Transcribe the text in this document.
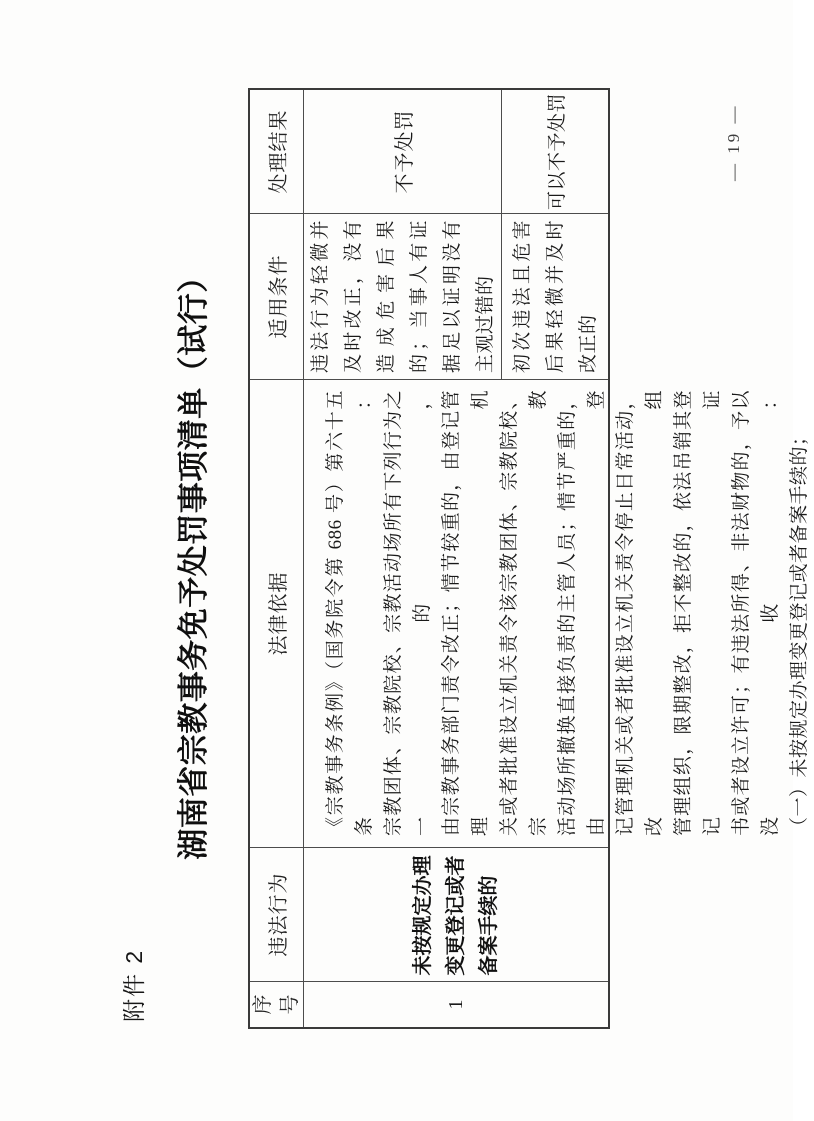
附件 2
湖南省宗教事务免予处罚事项清单（试行）
— 19 —
序号
违法行为
法律依据
适用条件
处理结果
1
未按规定办理变更登记或者备案手续的
《宗教事务条例》（国务院令第 686 号）第六十五条： 宗教团体、宗教院校、宗教活动场所有下列行为之一的， 由宗教事务部门责令改正；情节较重的，由登记管理机 关或者批准设立机关责令该宗教团体、宗教院校、宗教 活动场所撤换直接负责的主管人员；情节严重的，由登 记管理机关或者批准设立机关责令停止日常活动，改组 管理组织，限期整改，拒不整改的，依法吊销其登记证 书或者设立许可；有违法所得、非法财物的，予以没收： （一）未按规定办理变更登记或者备案手续的；
违法行为轻微并及时改正，没有造成危害后果的；当事人有证据足以证明没有主观过错的
不予处罚
初次违法且危害后果轻微并及时改正的
可以不予处罚
